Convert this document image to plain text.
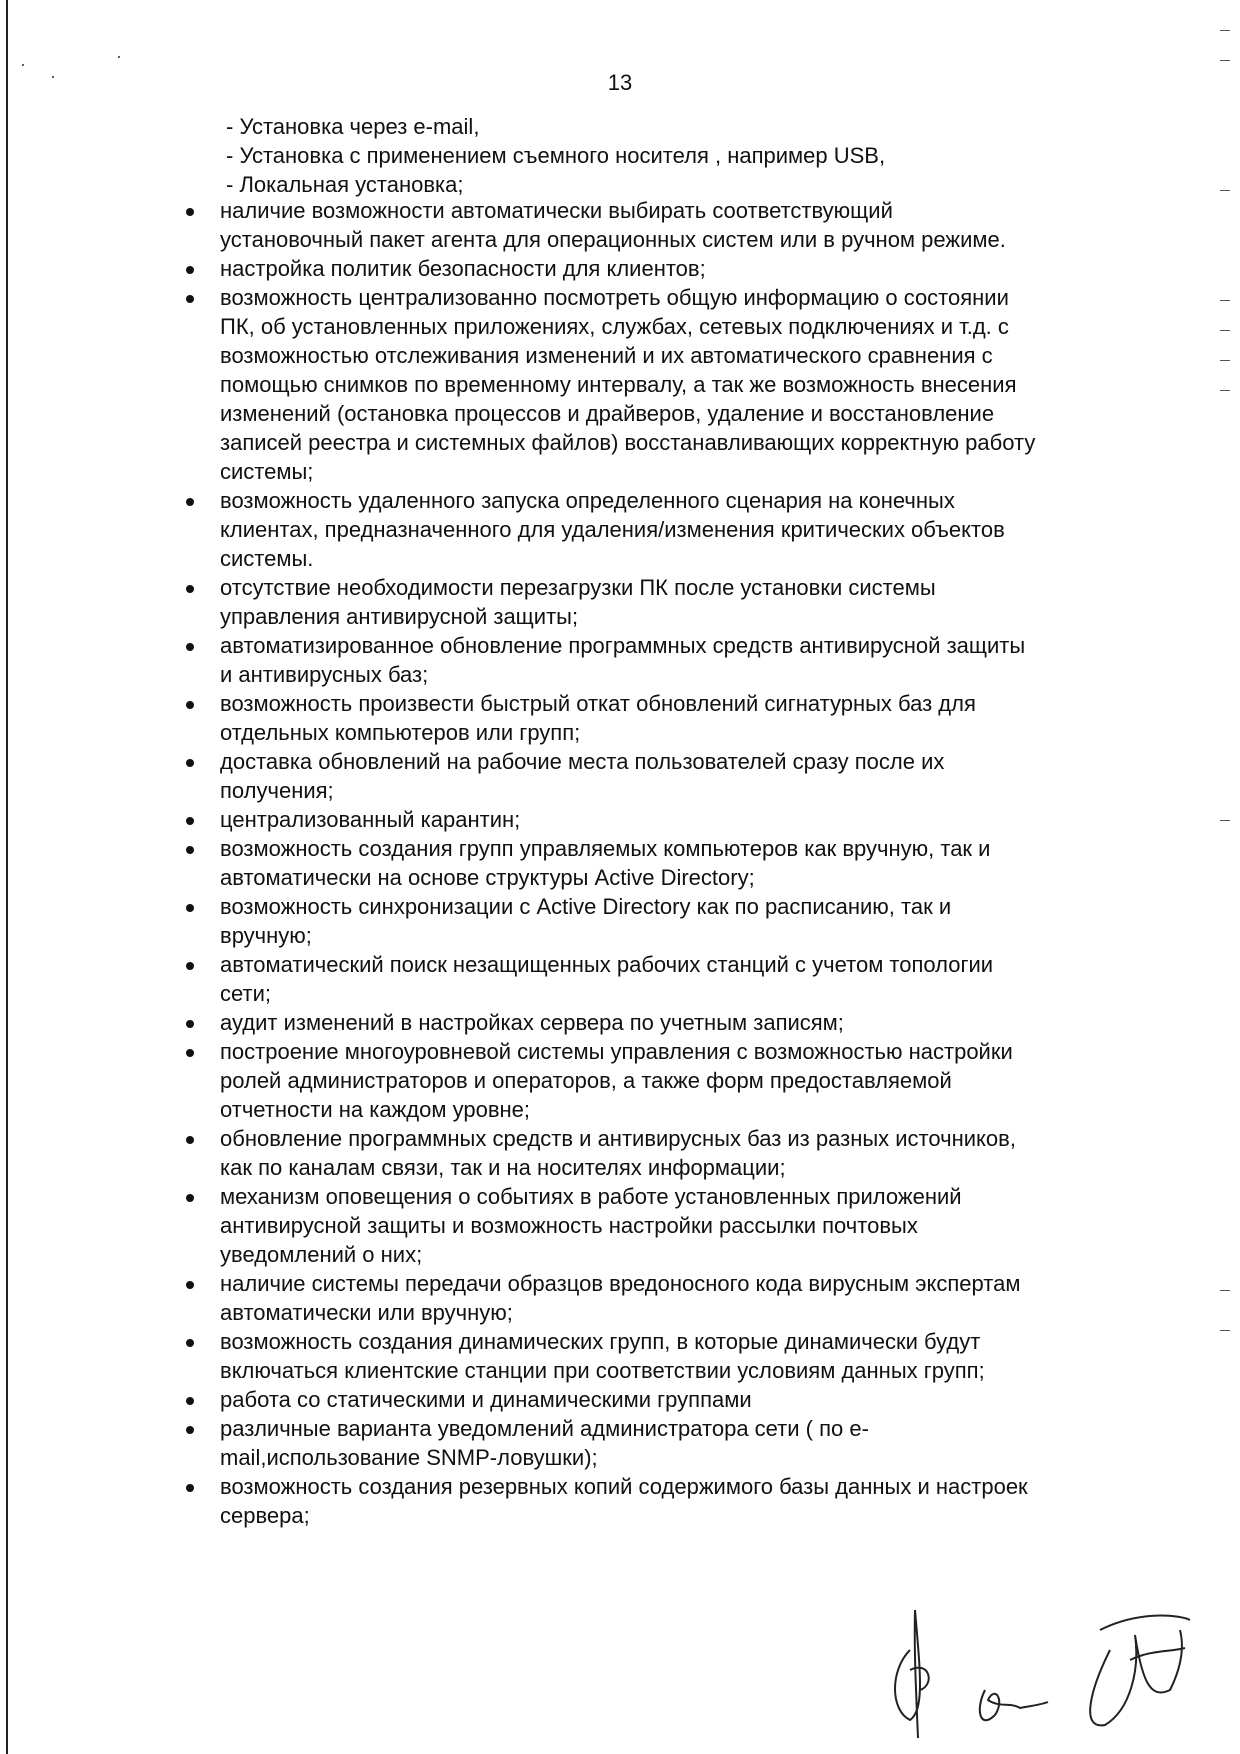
13
- Установка через e-mail,
- Установка с применением съемного носителя , например USB,
- Локальная установка;
наличие возможности автоматически выбирать соответствующий
установочный пакет агента для операционных систем или в ручном режиме.
настройка политик безопасности для клиентов;
возможность централизованно посмотреть общую информацию о состоянии
ПК, об установленных приложениях, службах, сетевых подключениях и т.д. с
возможностью отслеживания изменений и их автоматического сравнения с
помощью снимков по временному интервалу, а так же возможность внесения
изменений (остановка процессов и драйверов, удаление и восстановление
записей реестра и системных файлов) восстанавливающих корректную работу
системы;
возможность удаленного запуска определенного сценария на конечных
клиентах, предназначенного для удаления/изменения критических объектов
системы.
отсутствие необходимости перезагрузки ПК после установки системы
управления антивирусной защиты;
автоматизированное обновление программных средств антивирусной защиты
и антивирусных баз;
возможность произвести быстрый откат обновлений сигнатурных баз для
отдельных компьютеров или групп;
доставка обновлений на рабочие места пользователей сразу после их
получения;
централизованный карантин;
возможность создания групп управляемых компьютеров как вручную, так и
автоматически на основе структуры Active Directory;
возможность синхронизации с Active Directory как по расписанию, так и
вручную;
автоматический поиск незащищенных рабочих станций с учетом топологии
сети;
аудит изменений в настройках сервера по учетным записям;
построение многоуровневой системы управления с возможностью настройки
ролей администраторов и операторов, а также форм предоставляемой
отчетности на каждом уровне;
обновление программных средств и антивирусных баз из разных источников,
как по каналам связи, так и на носителях информации;
механизм оповещения о событиях в работе установленных приложений
антивирусной защиты и возможность настройки рассылки почтовых
уведомлений о них;
наличие системы передачи образцов вредоносного кода вирусным экспертам
автоматически или вручную;
возможность создания динамических групп, в которые динамически будут
включаться клиентские станции при соответствии условиям данных групп;
работа со статическими и динамическими группами
различные варианта уведомлений администратора сети ( по e-
mail,использование SNMP-ловушки);
возможность создания резервных копий содержимого базы данных и настроек
сервера;
